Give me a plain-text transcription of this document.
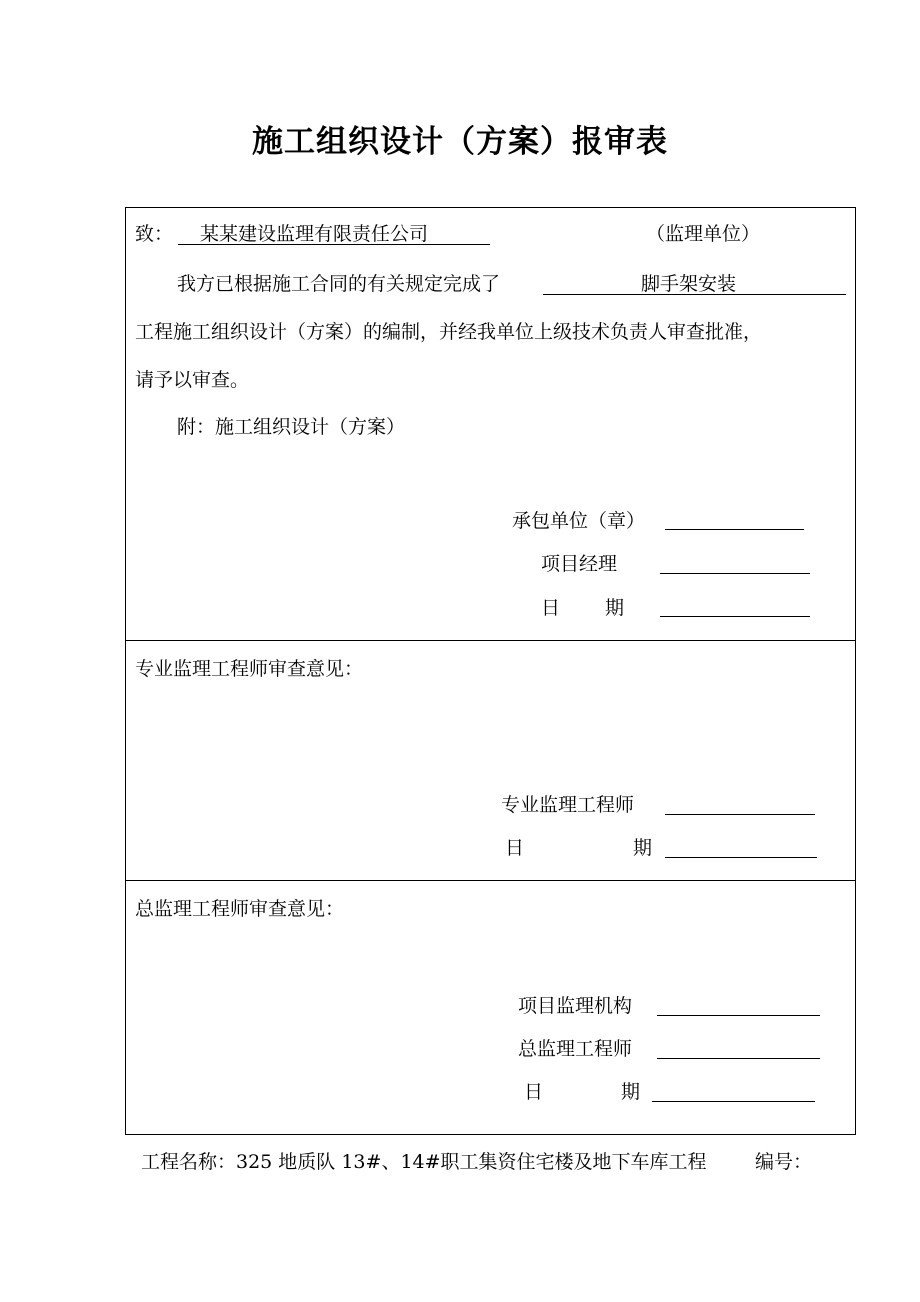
施工组织设计（方案）报审表
致： 某某建设监理有限责任公司	（监理单位）
我方已根据施工合同的有关规定完成了	脚手架安装
工程施工组织设计（方案）的编制，并经我单位上级技术负责人审查批准，
请予以审查。
附：施工组织设计（方案）
承包单位（章）
项目经理
日 期
专业监理工程师审查意见：
专业监理工程师
日	期
总监理工程师审查意见：
项目监理机构
总监理工程师
日	期
工程名称：325 地质队 13#、14#职工集资住宅楼及地下车库工程	编号：
